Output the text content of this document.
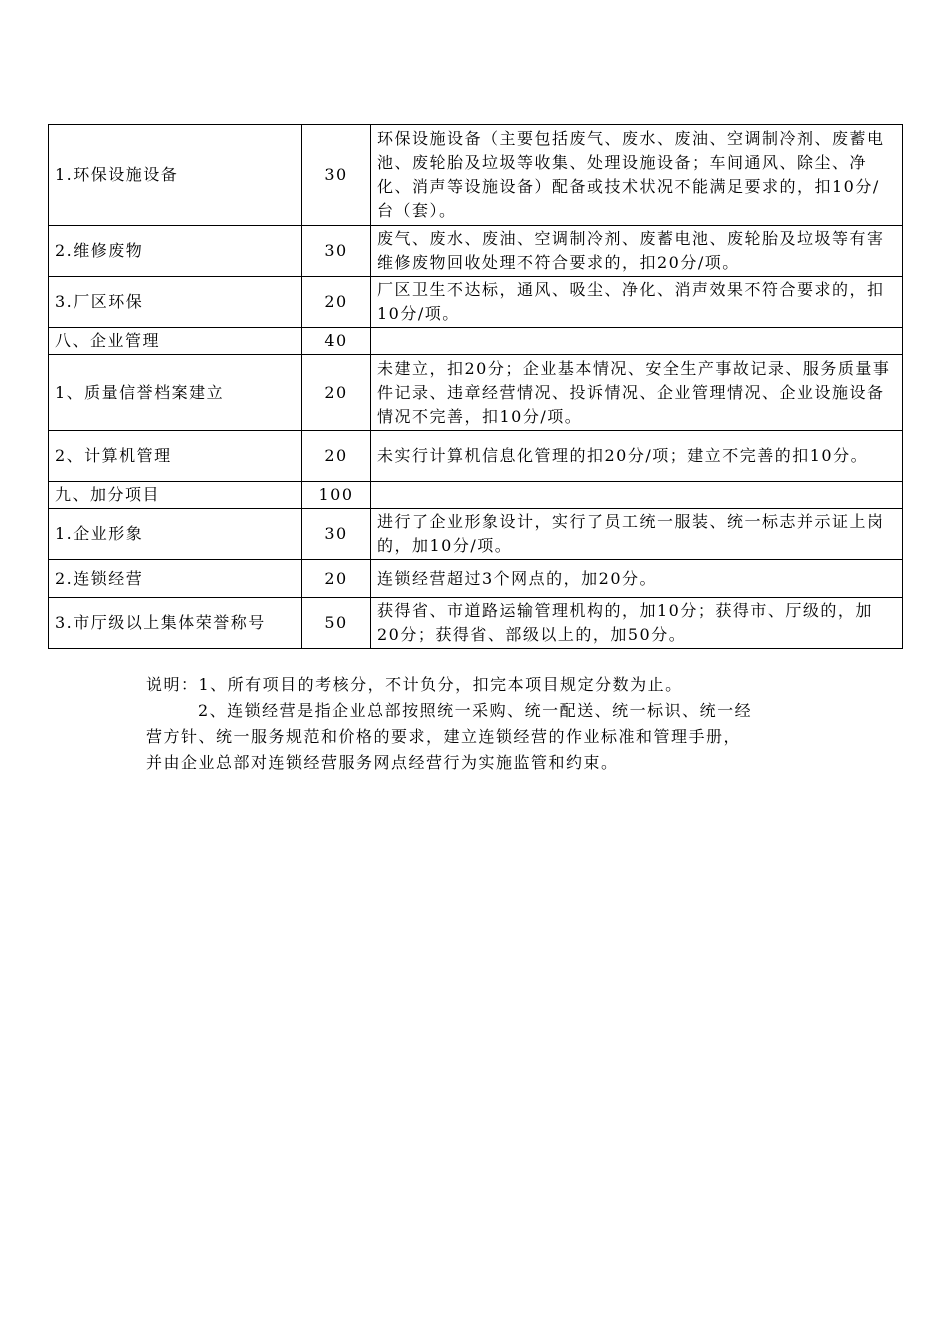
1.环保设施设备	30	环保设施设备（主要包括废气、废水、废油、空调制冷剂、废蓄电池、废轮胎及垃圾等收集、处理设施设备；车间通风、除尘、净化、消声等设施设备）配备或技术状况不能满足要求的，扣10分/台（套）。
2.维修废物	30	废气、废水、废油、空调制冷剂、废蓄电池、废轮胎及垃圾等有害维修废物回收处理不符合要求的，扣20分/项。
3.厂区环保	20	厂区卫生不达标，通风、吸尘、净化、消声效果不符合要求的，扣10分/项。
八、企业管理	40	
1、质量信誉档案建立	20	未建立，扣20分；企业基本情况、安全生产事故记录、服务质量事件记录、违章经营情况、投诉情况、企业管理情况、企业设施设备情况不完善，扣10分/项。
2、计算机管理	20	未实行计算机信息化管理的扣20分/项；建立不完善的扣10分。
九、加分项目	100	
1.企业形象	30	进行了企业形象设计，实行了员工统一服装、统一标志并示证上岗的，加10分/项。
2.连锁经营	20	连锁经营超过3个网点的，加20分。
3.市厅级以上集体荣誉称号	50	获得省、市道路运输管理机构的，加10分；获得市、厅级的，加20分；获得省、部级以上的，加50分。

说明：1、所有项目的考核分，不计负分，扣完本项目规定分数为止。

2、连锁经营是指企业总部按照统一采购、统一配送、统一标识、统一经

营方针、统一服务规范和价格的要求，建立连锁经营的作业标准和管理手册，

并由企业总部对连锁经营服务网点经营行为实施监管和约束。
